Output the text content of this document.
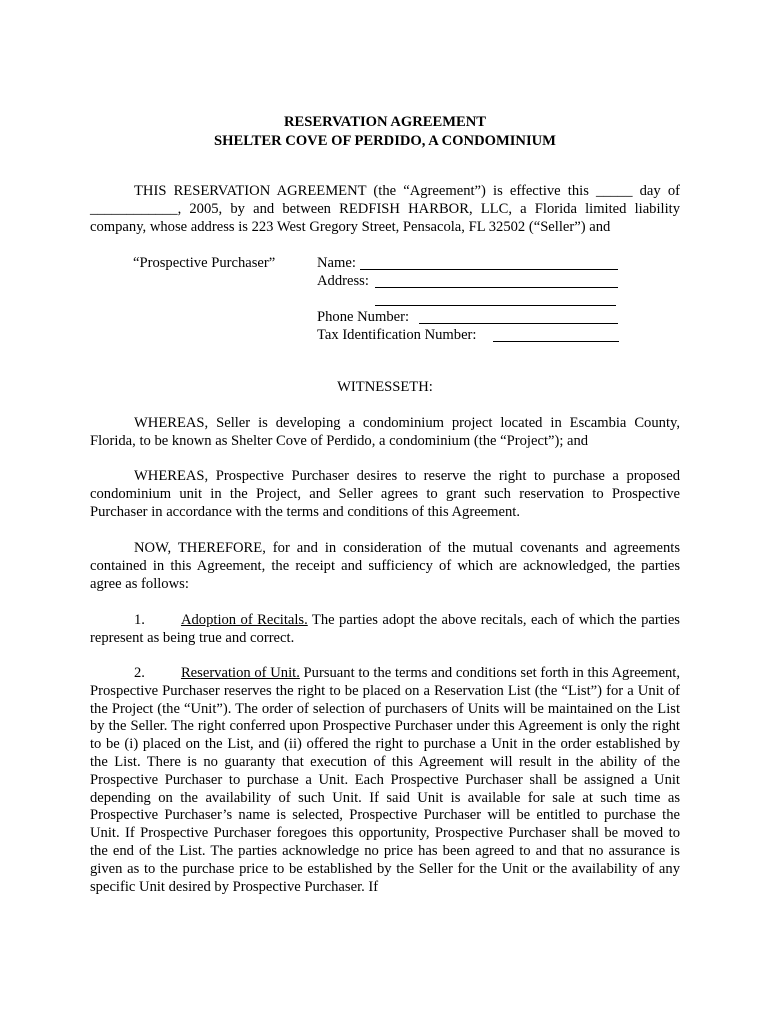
RESERVATION AGREEMENT
SHELTER COVE OF PERDIDO, A CONDOMINIUM

THIS RESERVATION AGREEMENT (the “Agreement”) is effective this _____ day of ____________, 2005, by and between REDFISH HARBOR, LLC, a Florida limited liability company, whose address is 223 West Gregory Street, Pensacola, FL 32502 (“Seller”) and

“Prospective Purchaser”	Name:
Address:
Phone Number:
Tax Identification Number:
WITNESSETH:

WHEREAS, Seller is developing a condominium project located in Escambia County, Florida, to be known as Shelter Cove of Perdido, a condominium (the “Project”); and

WHEREAS, Prospective Purchaser desires to reserve the right to purchase a proposed condominium unit in the Project, and Seller agrees to grant such reservation to Prospective Purchaser in accordance with the terms and conditions of this Agreement.

NOW, THEREFORE, for and in consideration of the mutual covenants and agreements contained in this Agreement, the receipt and sufficiency of which are acknowledged, the parties agree as follows:

1. Adoption of Recitals. The parties adopt the above recitals, each of which the parties represent as being true and correct.

2. Reservation of Unit. Pursuant to the terms and conditions set forth in this Agreement, Prospective Purchaser reserves the right to be placed on a Reservation List (the “List”) for a Unit of the Project (the “Unit”). The order of selection of purchasers of Units will be maintained on the List by the Seller. The right conferred upon Prospective Purchaser under this Agreement is only the right to be (i) placed on the List, and (ii) offered the right to purchase a Unit in the order established by the List. There is no guaranty that execution of this Agreement will result in the ability of the Prospective Purchaser to purchase a Unit. Each Prospective Purchaser shall be assigned a Unit depending on the availability of such Unit. If said Unit is available for sale at such time as Prospective Purchaser’s name is selected, Prospective Purchaser will be entitled to purchase the Unit. If Prospective Purchaser foregoes this opportunity, Prospective Purchaser shall be moved to the end of the List. The parties acknowledge no price has been agreed to and that no assurance is given as to the purchase price to be established by the Seller for the Unit or the availability of any specific Unit desired by Prospective Purchaser. If
